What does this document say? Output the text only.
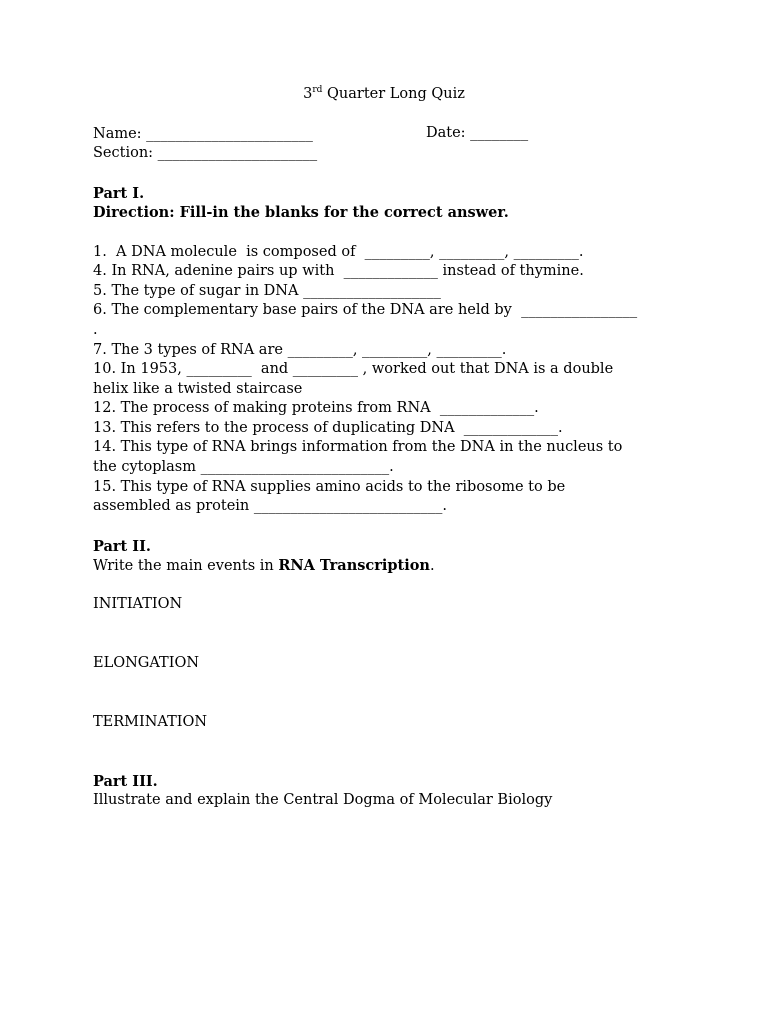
3rd Quarter Long Quiz
Name: _______________________	Date: ________
Section: ______________________
Part I.
Direction: Fill-in the blanks for the correct answer.
1.  A DNA molecule  is composed of  _________, _________, _________.
4. In RNA, adenine pairs up with  _____________ instead of thymine.
5. The type of sugar in DNA ___________________
6. The complementary base pairs of the DNA are held by  ________________
.
7. The 3 types of RNA are _________, _________, _________.
10. In 1953, _________  and _________ , worked out that DNA is a double
helix like a twisted staircase
12. The process of making proteins from RNA  _____________.
13. This refers to the process of duplicating DNA  _____________.
14. This type of RNA brings information from the DNA in the nucleus to
the cytoplasm __________________________.
15. This type of RNA supplies amino acids to the ribosome to be
assembled as protein __________________________.
Part II.
Write the main events in RNA Transcription.
INITIATION
ELONGATION
TERMINATION
Part III.
Illustrate and explain the Central Dogma of Molecular Biology
